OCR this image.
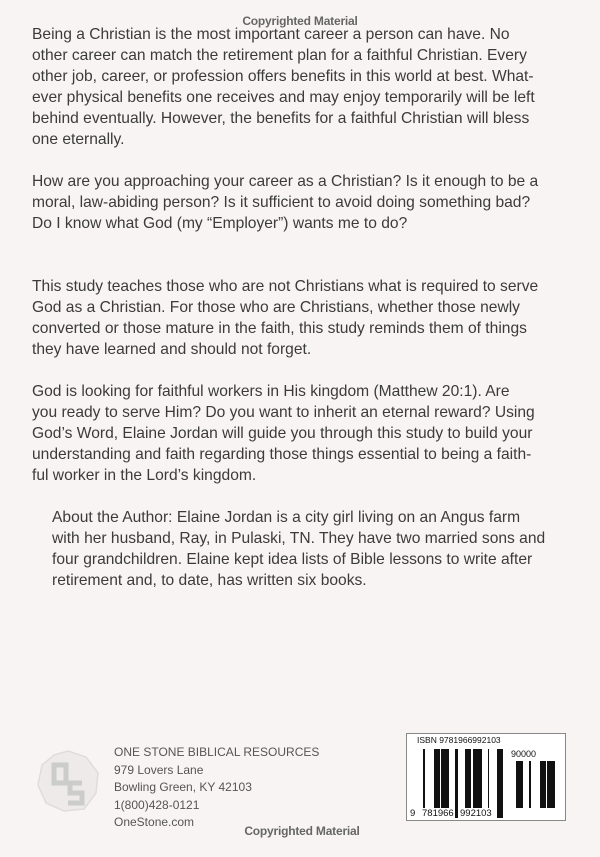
Copyrighted Material
Being a Christian is the most important career a person can have. No
other career can match the retirement plan for a faithful Christian. Every
other job, career, or profession offers benefits in this world at best. What-
ever physical benefits one receives and may enjoy temporarily will be left
behind eventually. However, the benefits for a faithful Christian will bless
one eternally.
How are you approaching your career as a Christian? Is it enough to be a
moral, law-abiding person? Is it sufficient to avoid doing something bad?
Do I know what God (my “Employer”) wants me to do?
This study teaches those who are not Christians what is required to serve
God as a Christian. For those who are Christians, whether those newly
converted or those mature in the faith, this study reminds them of things
they have learned and should not forget.
God is looking for faithful workers in His kingdom (Matthew 20:1). Are
you ready to serve Him? Do you want to inherit an eternal reward? Using
God’s Word, Elaine Jordan will guide you through this study to build your
understanding and faith regarding those things essential to being a faith-
ful worker in the Lord’s kingdom.
About the Author: Elaine Jordan is a city girl living on an Angus farm
with her husband, Ray, in Pulaski, TN. They have two married sons and
four grandchildren. Elaine kept idea lists of Bible lessons to write after
retirement and, to date, has written six books.
ONE STONE BIBLICAL RESOURCES
979 Lovers Lane
Bowling Green, KY 42103
1(800)428-0121
OneStone.com
Copyrighted Material
ISBN 9781966992103
90000
9 781966 992103
